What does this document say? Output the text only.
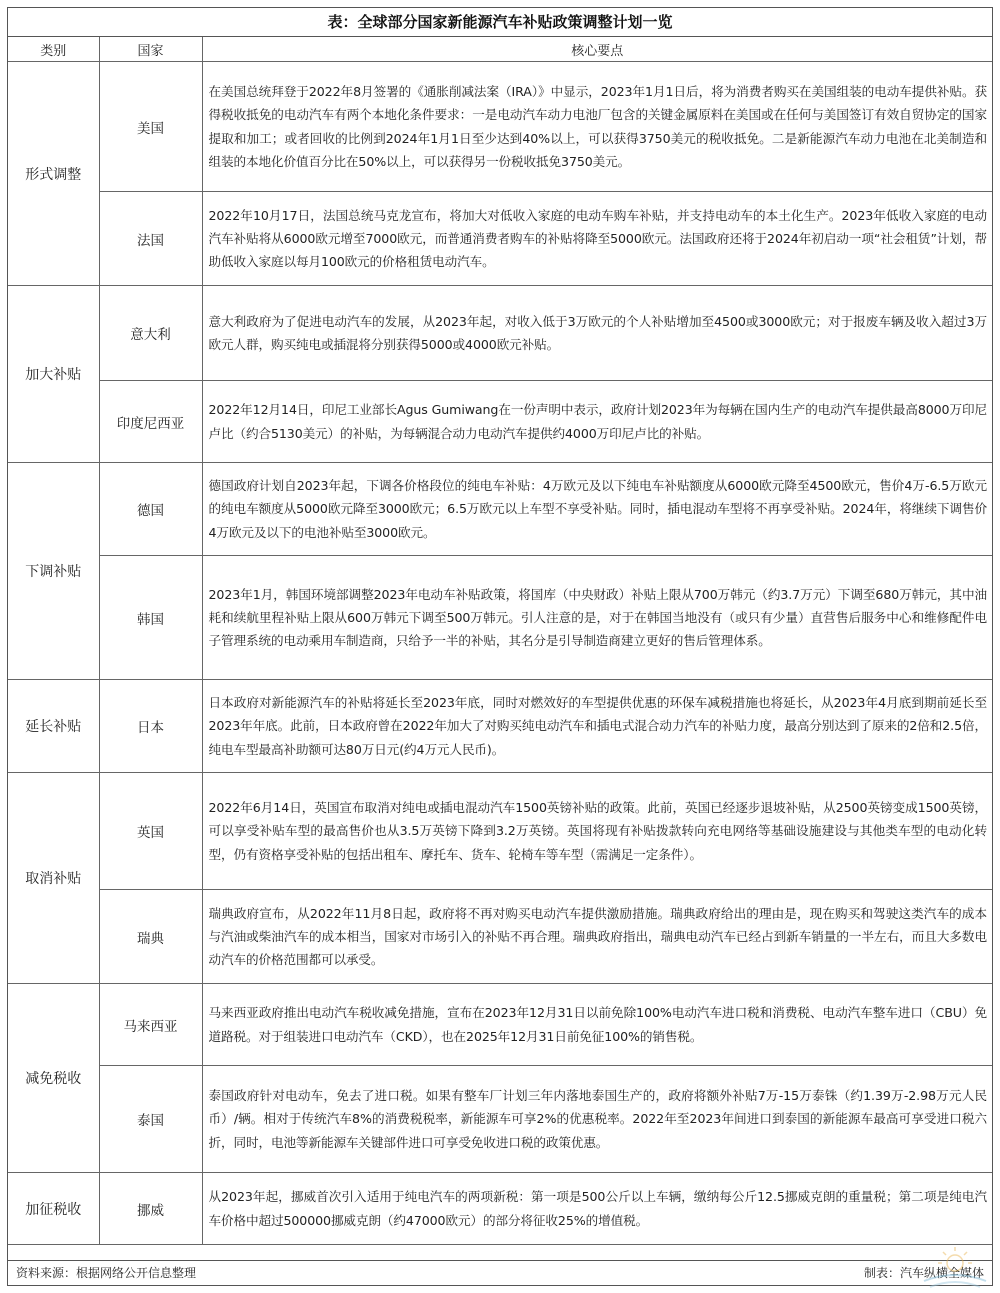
表：全球部分国家新能源汽车补贴政策调整计划一览
类别	国家	核心要点
形式调整	美国	在美国总统拜登于2022年8月签署的《通胀削减法案（IRA）》中显示，2023年1月1日后，将为消费者购买在美国组装的电动车提供补贴。获得税收抵免的电动汽车有两个本地化条件要求：一是电动汽车动力电池厂包含的关键金属原料在美国或在任何与美国签订有效自贸协定的国家提取和加工；或者回收的比例到2024年1月1日至少达到40%以上，可以获得3750美元的税收抵免。二是新能源汽车动力电池在北美制造和组装的本地化价值百分比在50%以上，可以获得另一份税收抵免3750美元。
	法国	2022年10月17日，法国总统马克龙宣布，将加大对低收入家庭的电动车购车补贴，并支持电动车的本土化生产。2023年低收入家庭的电动汽车补贴将从6000欧元增至7000欧元，而普通消费者购车的补贴将降至5000欧元。法国政府还将于2024年初启动一项“社会租赁”计划，帮助低收入家庭以每月100欧元的价格租赁电动汽车。
加大补贴	意大利	意大利政府为了促进电动汽车的发展，从2023年起，对收入低于3万欧元的个人补贴增加至4500或3000欧元；对于报废车辆及收入超过3万欧元人群，购买纯电或插混将分别获得5000或4000欧元补贴。
	印度尼西亚	2022年12月14日，印尼工业部长Agus Gumiwang在一份声明中表示，政府计划2023年为每辆在国内生产的电动汽车提供最高8000万印尼卢比（约合5130美元）的补贴，为每辆混合动力电动汽车提供约4000万印尼卢比的补贴。
下调补贴	德国	德国政府计划自2023年起，下调各价格段位的纯电车补贴：4万欧元及以下纯电车补贴额度从6000欧元降至4500欧元，售价4万-6.5万欧元的纯电车额度从5000欧元降至3000欧元；6.5万欧元以上车型不享受补贴。同时，插电混动车型将不再享受补贴。2024年，将继续下调售价4万欧元及以下的电池补贴至3000欧元。
	韩国	2023年1月，韩国环境部调整2023年电动车补贴政策，将国库（中央财政）补贴上限从700万韩元（约3.7万元）下调至680万韩元，其中油耗和续航里程补贴上限从600万韩元下调至500万韩元。引人注意的是，对于在韩国当地没有（或只有少量）直营售后服务中心和维修配件电子管理系统的电动乘用车制造商，只给予一半的补贴，其名分是引导制造商建立更好的售后管理体系。
延长补贴	日本	日本政府对新能源汽车的补贴将延长至2023年底，同时对燃效好的车型提供优惠的环保车减税措施也将延长，从2023年4月底到期前延长至2023年年底。此前，日本政府曾在2022年加大了对购买纯电动汽车和插电式混合动力汽车的补贴力度，最高分别达到了原来的2倍和2.5倍，纯电车型最高补助额可达80万日元(约4万元人民币)。
取消补贴	英国	2022年6月14日，英国宣布取消对纯电或插电混动汽车1500英镑补贴的政策。此前，英国已经逐步退坡补贴，从2500英镑变成1500英镑，可以享受补贴车型的最高售价也从3.5万英镑下降到3.2万英镑。英国将现有补贴拨款转向充电网络等基础设施建设与其他类车型的电动化转型，仍有资格享受补贴的包括出租车、摩托车、货车、轮椅车等车型（需满足一定条件）。
	瑞典	瑞典政府宣布，从2022年11月8日起，政府将不再对购买电动汽车提供激励措施。瑞典政府给出的理由是，现在购买和驾驶这类汽车的成本与汽油或柴油汽车的成本相当，国家对市场引入的补贴不再合理。瑞典政府指出，瑞典电动汽车已经占到新车销量的一半左右，而且大多数电动汽车的价格范围都可以承受。
减免税收	马来西亚	马来西亚政府推出电动汽车税收减免措施，宣布在2023年12月31日以前免除100%电动汽车进口税和消费税、电动汽车整车进口（CBU）免道路税。对于组装进口电动汽车（CKD），也在2025年12月31日前免征100%的销售税。
	泰国	泰国政府针对电动车，免去了进口税。如果有整车厂计划三年内落地泰国生产的，政府将额外补贴7万-15万泰铢（约1.39万-2.98万元人民币）/辆。相对于传统汽车8%的消费税税率，新能源车可享2%的优惠税率。2022年至2023年间进口到泰国的新能源车最高可享受进口税六折，同时，电池等新能源车关键部件进口可享受免收进口税的政策优惠。
加征税收	挪威	从2023年起，挪威首次引入适用于纯电汽车的两项新税：第一项是500公斤以上车辆，缴纳每公斤12.5挪威克朗的重量税；第二项是纯电汽车价格中超过500000挪威克朗（约47000欧元）的部分将征收25%的增值税。
资料来源：根据网络公开信息整理	制表：汽车纵横全媒体
